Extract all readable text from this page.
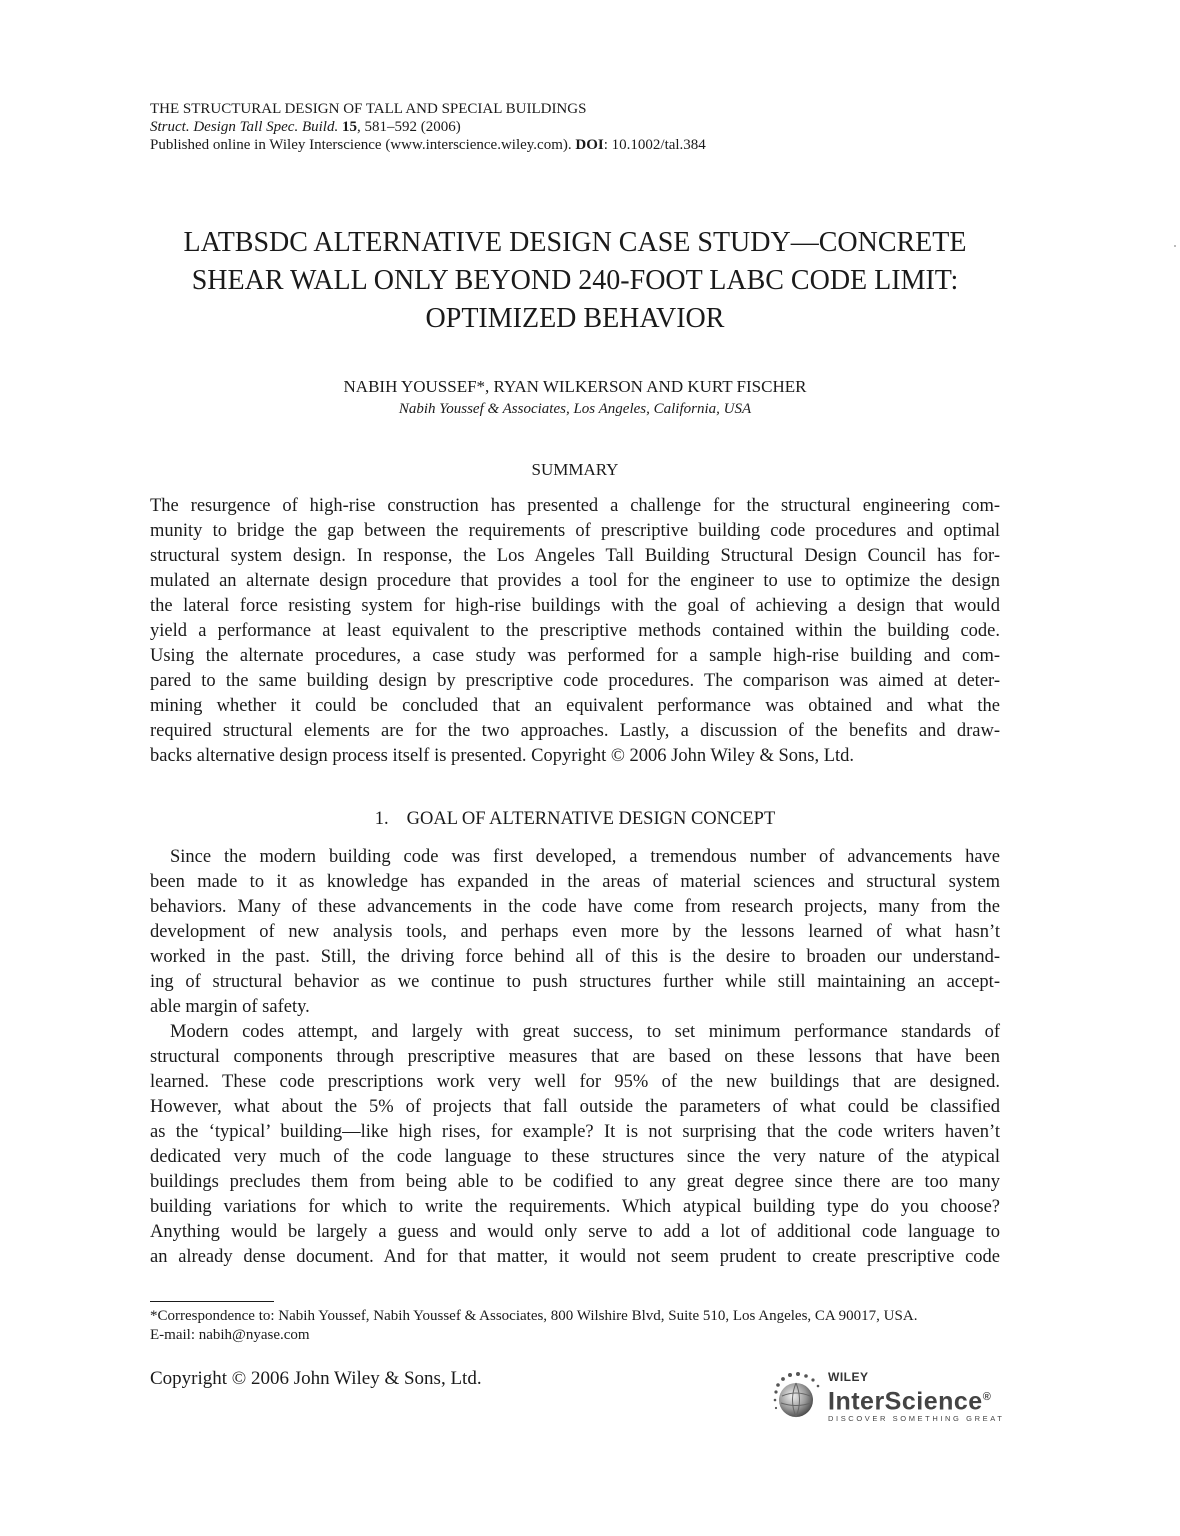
THE STRUCTURAL DESIGN OF TALL AND SPECIAL BUILDINGS
Struct. Design Tall Spec. Build. 15, 581–592 (2006)
Published online in Wiley Interscience (www.interscience.wiley.com). DOI: 10.1002/tal.384
LATBSDC ALTERNATIVE DESIGN CASE STUDY—CONCRETE
SHEAR WALL ONLY BEYOND 240-FOOT LABC CODE LIMIT:
OPTIMIZED BEHAVIOR
NABIH YOUSSEF*, RYAN WILKERSON AND KURT FISCHER
Nabih Youssef & Associates, Los Angeles, California, USA
SUMMARY
The resurgence of high-rise construction has presented a challenge for the structural engineering com-
munity to bridge the gap between the requirements of prescriptive building code procedures and optimal
structural system design. In response, the Los Angeles Tall Building Structural Design Council has for-
mulated an alternate design procedure that provides a tool for the engineer to use to optimize the design
the lateral force resisting system for high-rise buildings with the goal of achieving a design that would
yield a performance at least equivalent to the prescriptive methods contained within the building code.
Using the alternate procedures, a case study was performed for a sample high-rise building and com-
pared to the same building design by prescriptive code procedures. The comparison was aimed at deter-
mining whether it could be concluded that an equivalent performance was obtained and what the
required structural elements are for the two approaches. Lastly, a discussion of the benefits and draw-
backs alternative design process itself is presented. Copyright © 2006 John Wiley & Sons, Ltd.
1. GOAL OF ALTERNATIVE DESIGN CONCEPT
Since the modern building code was first developed, a tremendous number of advancements have
been made to it as knowledge has expanded in the areas of material sciences and structural system
behaviors. Many of these advancements in the code have come from research projects, many from the
development of new analysis tools, and perhaps even more by the lessons learned of what hasn’t
worked in the past. Still, the driving force behind all of this is the desire to broaden our understand-
ing of structural behavior as we continue to push structures further while still maintaining an accept-
able margin of safety.
Modern codes attempt, and largely with great success, to set minimum performance standards of
structural components through prescriptive measures that are based on these lessons that have been
learned. These code prescriptions work very well for 95% of the new buildings that are designed.
However, what about the 5% of projects that fall outside the parameters of what could be classified
as the ‘typical’ building—like high rises, for example? It is not surprising that the code writers haven’t
dedicated very much of the code language to these structures since the very nature of the atypical
buildings precludes them from being able to be codified to any great degree since there are too many
building variations for which to write the requirements. Which atypical building type do you choose?
Anything would be largely a guess and would only serve to add a lot of additional code language to
an already dense document. And for that matter, it would not seem prudent to create prescriptive code
*Correspondence to: Nabih Youssef, Nabih Youssef & Associates, 800 Wilshire Blvd, Suite 510, Los Angeles, CA 90017, USA.
E-mail: nabih@nyase.com
Copyright © 2006 John Wiley & Sons, Ltd.	WILEY
InterScience®
DISCOVER SOMETHING GREAT
